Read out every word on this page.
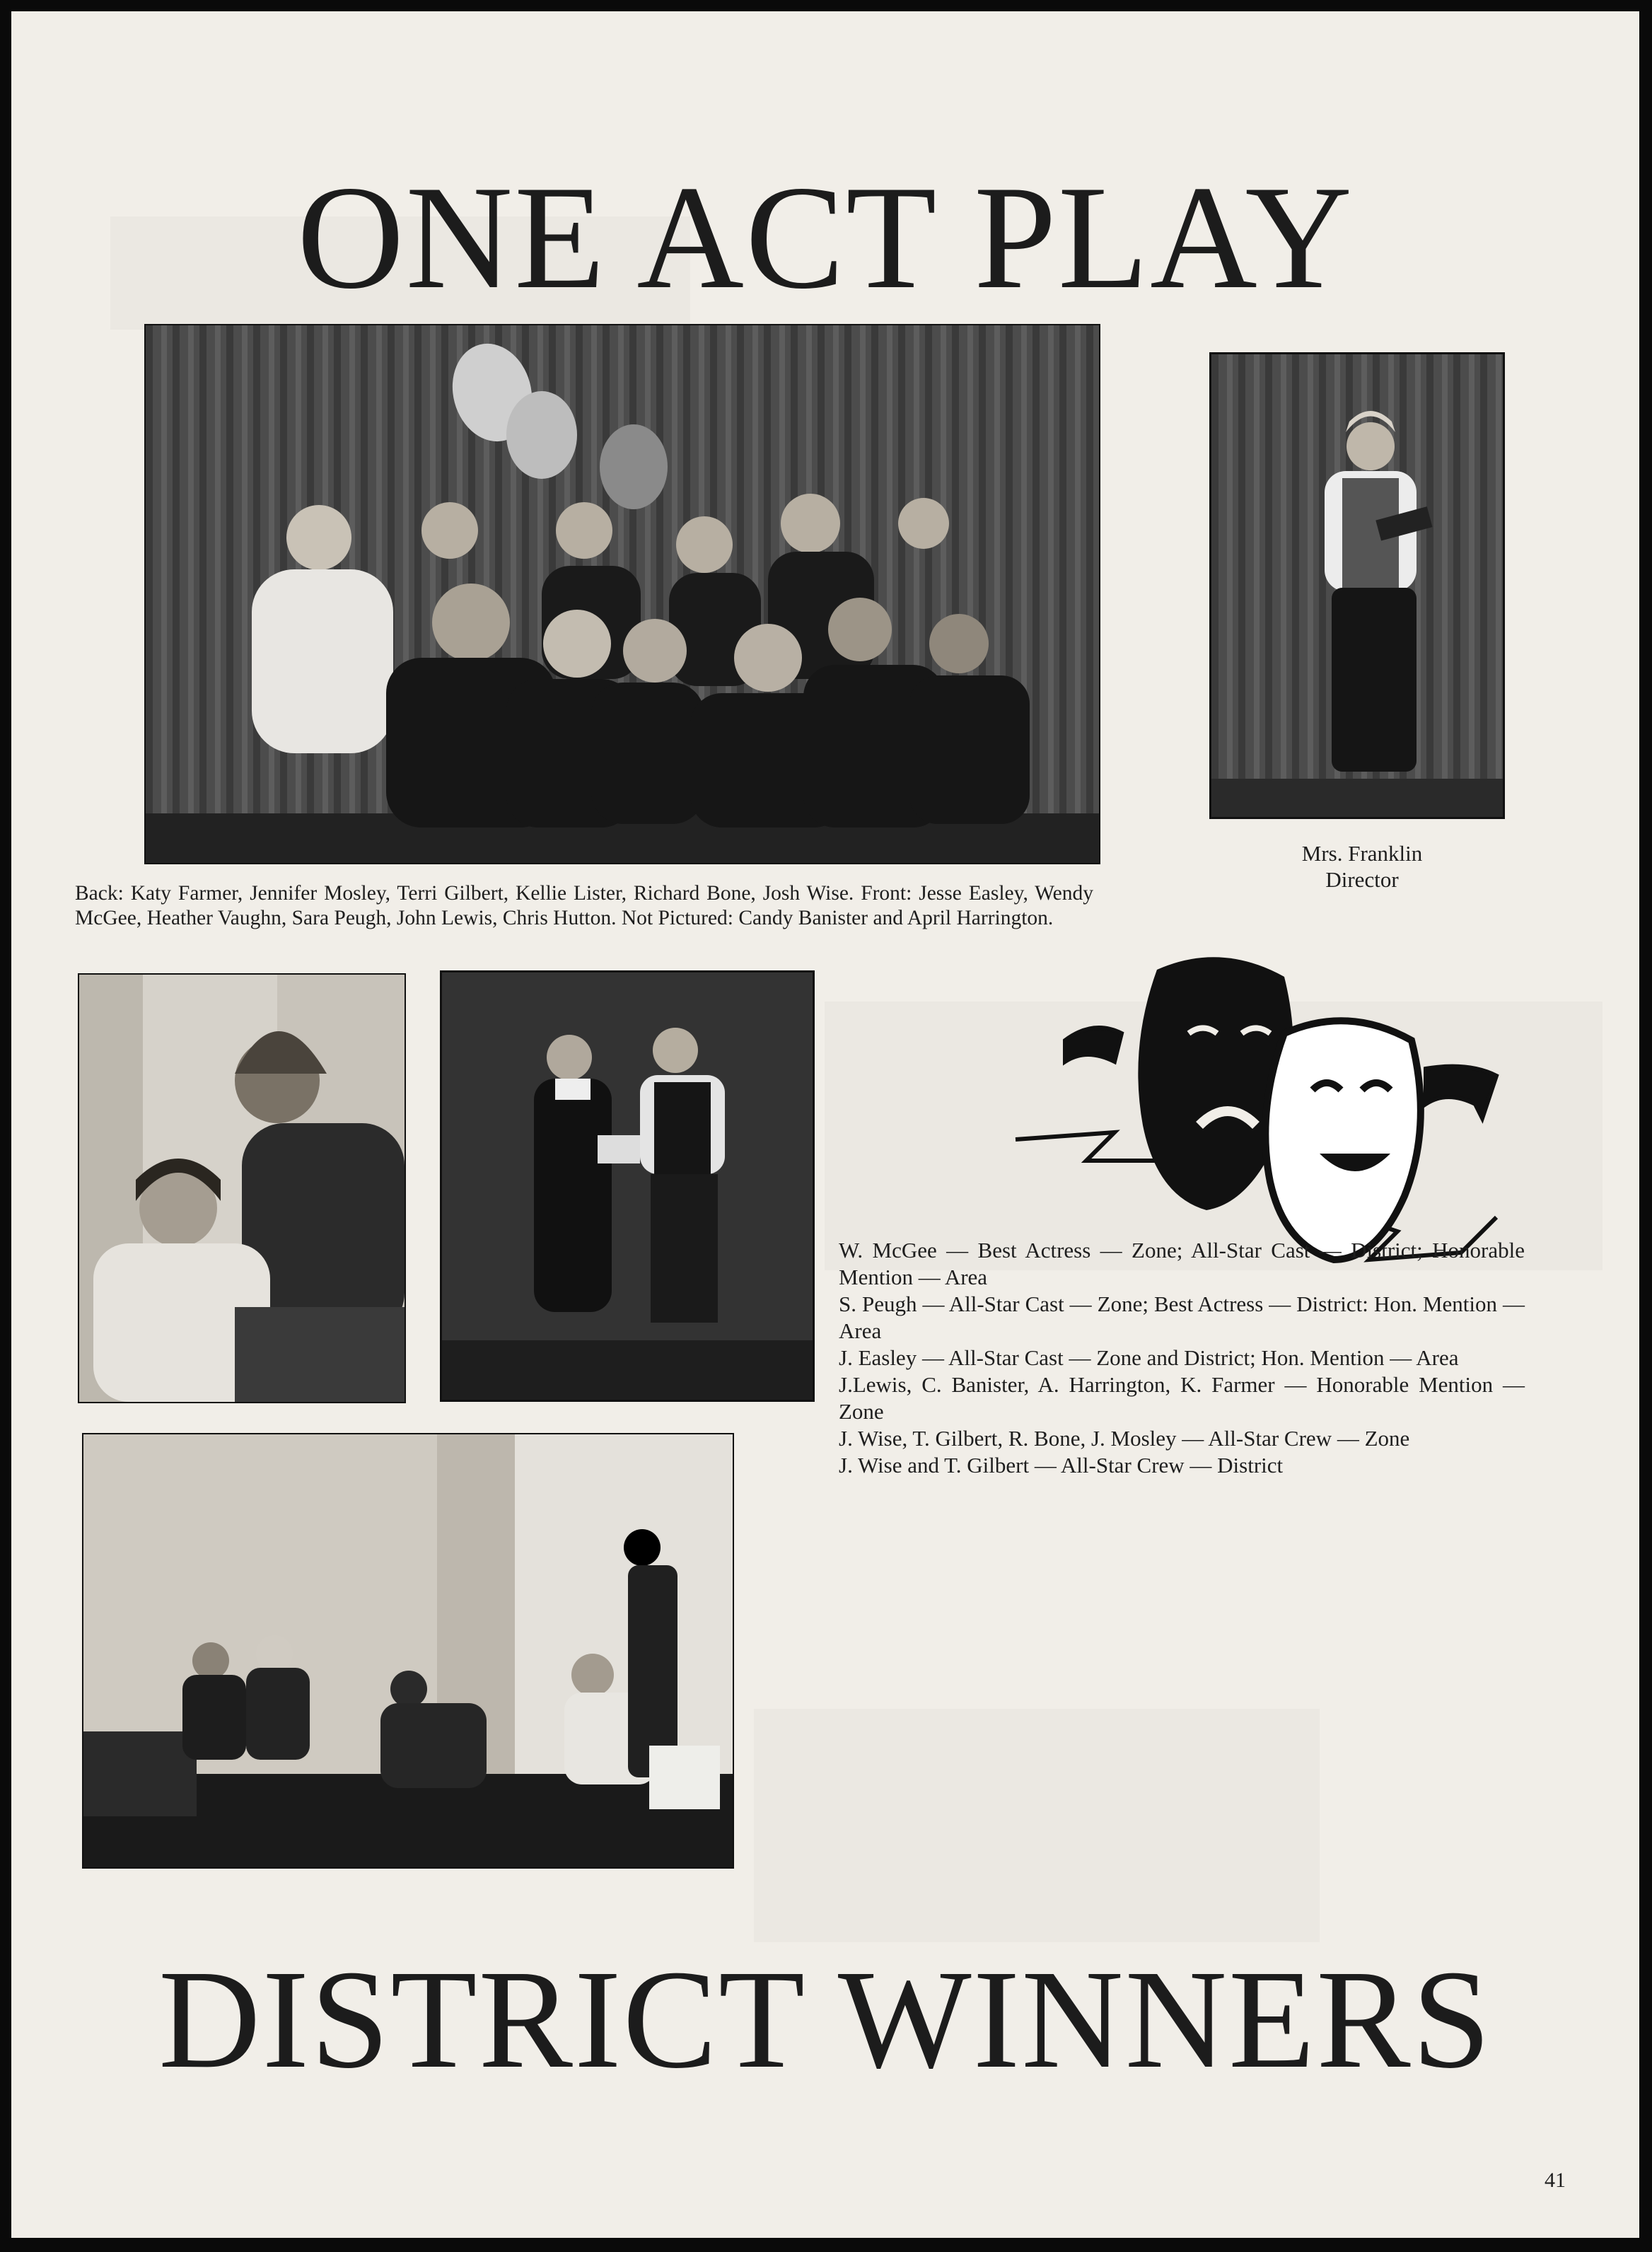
ONE ACT PLAY
Back: Katy Farmer, Jennifer Mosley, Terri Gilbert, Kellie Lister, Richard Bone, Josh Wise. Front: Jesse Easley, Wendy McGee, Heather Vaughn, Sara Peugh, John Lewis, Chris Hutton. Not Pictured: Candy Banister and April Harrington.
Mrs. Franklin
Director
W. McGee — Best Actress — Zone; All-Star Cast — District; Honorable Mention — Area
S. Peugh — All-Star Cast — Zone; Best Actress — District: Hon. Mention — Area
J. Easley — All-Star Cast — Zone and District; Hon. Mention — Area
J.Lewis, C. Banister, A. Harrington, K. Farmer — Honorable Mention — Zone
J. Wise, T. Gilbert, R. Bone, J. Mosley — All-Star Crew — Zone
J. Wise and T. Gilbert — All-Star Crew — District
DISTRICT WINNERS
41
